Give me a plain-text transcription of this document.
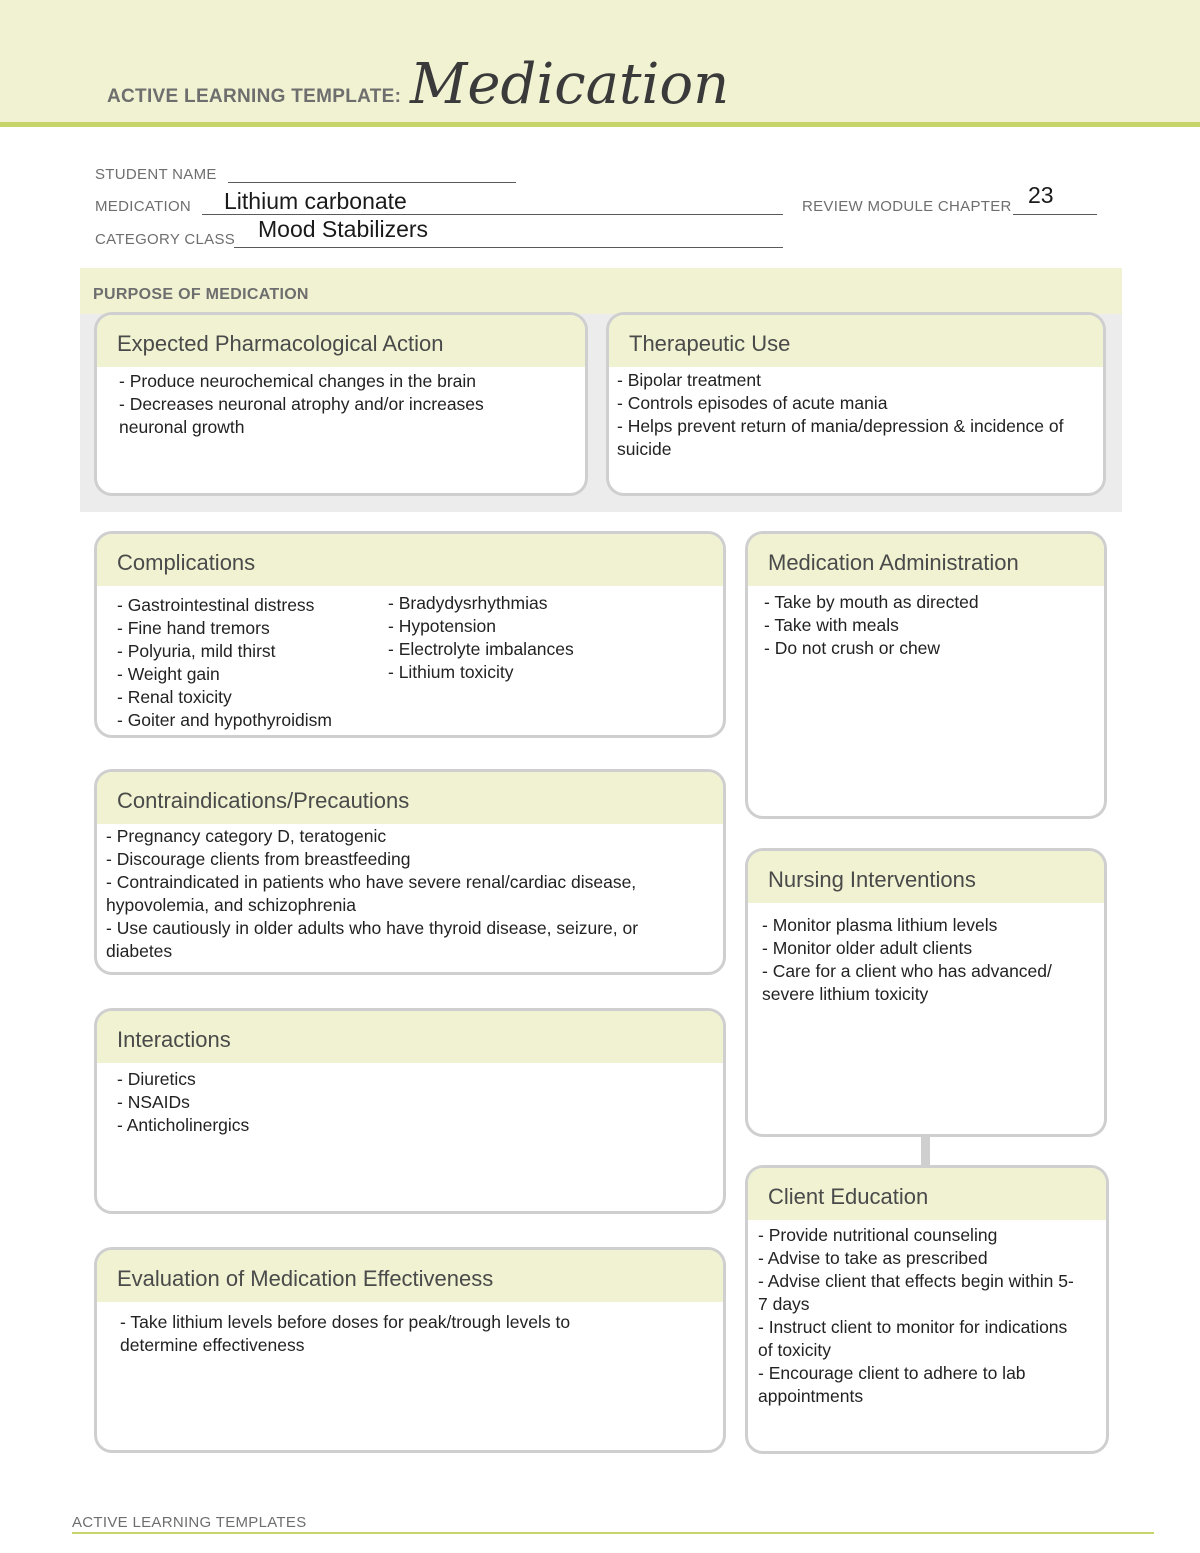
ACTIVE LEARNING TEMPLATE: Medication
STUDENT NAME
MEDICATION Lithium carbonate	REVIEW MODULE CHAPTER 23
CATEGORY CLASS Mood Stabilizers
PURPOSE OF MEDICATION
Expected Pharmacological Action
- Produce neurochemical changes in the brain
- Decreases neuronal atrophy and/or increases neuronal growth
Therapeutic Use
- Bipolar treatment
- Controls episodes of acute mania
- Helps prevent return of mania/depression & incidence of suicide
Complications
- Gastrointestinal distress
- Fine hand tremors
- Polyuria, mild thirst
- Weight gain
- Renal toxicity
- Goiter and hypothyroidism
- Bradydysrhythmias
- Hypotension
- Electrolyte imbalances
- Lithium toxicity
Contraindications/Precautions
- Pregnancy category D, teratogenic
- Discourage clients from breastfeeding
- Contraindicated in patients who have severe renal/cardiac disease, hypovolemia, and schizophrenia
- Use cautiously in older adults who have thyroid disease, seizure, or diabetes
Interactions
- Diuretics
- NSAIDs
- Anticholinergics
Evaluation of Medication Effectiveness
- Take lithium levels before doses for peak/trough levels to determine effectiveness
Medication Administration
- Take by mouth as directed
- Take with meals
- Do not crush or chew
Nursing Interventions
- Monitor plasma lithium levels
- Monitor older adult clients
- Care for a client who has advanced/ severe lithium toxicity
Client Education
- Provide nutritional counseling
- Advise to take as prescribed
- Advise client that effects begin within 5-7 days
- Instruct client to monitor for indications of toxicity
- Encourage client to adhere to lab appointments
ACTIVE LEARNING TEMPLATES
